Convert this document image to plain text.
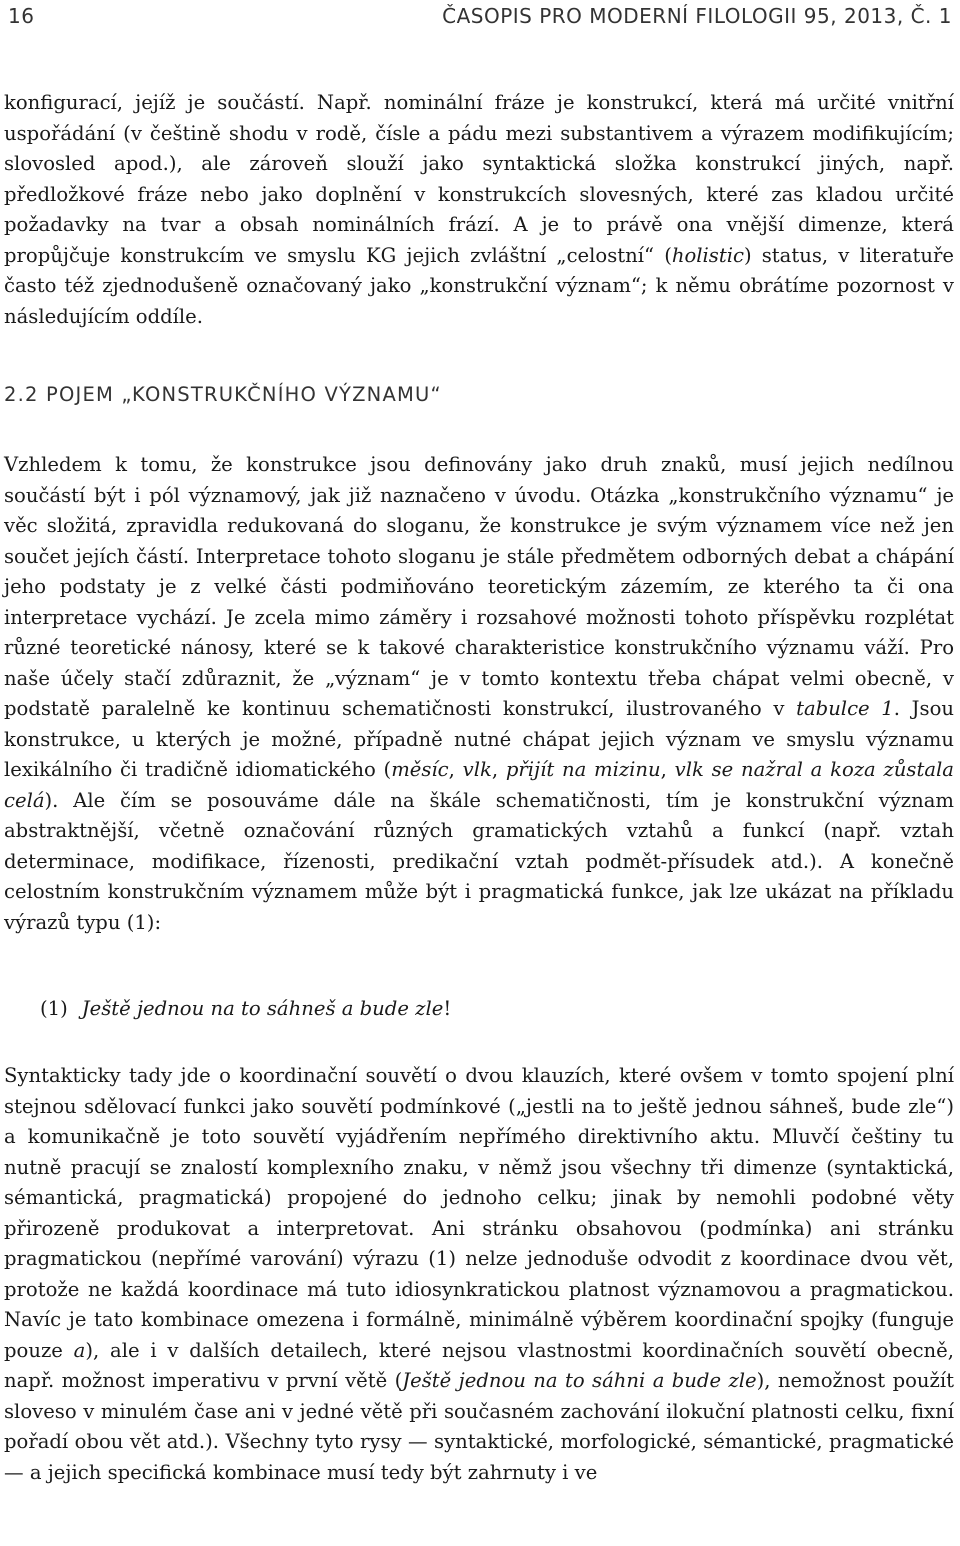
16	ČASOPIS PRO MODERNÍ FILOLOGII 95, 2013, Č. 1

konfigurací, jejíž je součástí. Např. nominální fráze je konstrukcí, která má určité vnitřní uspořádání (v češtině shodu v rodě, čísle a pádu mezi substantivem a výrazem modifikujícím; slovosled apod.), ale zároveň slouží jako syntaktická složka konstrukcí jiných, např. předložkové fráze nebo jako doplnění v konstrukcích slovesných, které zas kladou určité požadavky na tvar a obsah nominálních frází. A je to právě ona vnější dimenze, která propůjčuje konstrukcím ve smyslu KG jejich zvláštní „celostní“ (holistic) status, v literatuře často též zjednodušeně označovaný jako „konstrukční význam“; k němu obrátíme pozornost v následujícím oddíle.

2.2 POJEM „KONSTRUKČNÍHO VÝZNAMU“

Vzhledem k tomu, že konstrukce jsou definovány jako druh znaků, musí jejich nedílnou součástí být i pól významový, jak již naznačeno v úvodu. Otázka „konstrukčního významu“ je věc složitá, zpravidla redukovaná do sloganu, že konstrukce je svým významem více než jen součet jejích částí. Interpretace tohoto sloganu je stále předmětem odborných debat a chápání jeho podstaty je z velké části podmiňováno teoretickým zázemím, ze kterého ta či ona interpretace vychází. Je zcela mimo záměry i rozsahové možnosti tohoto příspěvku rozplétat různé teoretické nánosy, které se k takové charakteristice konstrukčního významu váží. Pro naše účely stačí zdůraznit, že „význam“ je v tomto kontextu třeba chápat velmi obecně, v podstatě paralelně ke kontinuu schematičnosti konstrukcí, ilustrovaného v tabulce 1. Jsou konstrukce, u kterých je možné, případně nutné chápat jejich význam ve smyslu významu lexikálního či tradičně idiomatického (měsíc, vlk, přijít na mizinu, vlk se nažral a koza zůstala celá). Ale čím se posouváme dále na škále schematičnosti, tím je konstrukční význam abstraktnější, včetně označování různých gramatických vztahů a funkcí (např. vztah determinace, modifikace, řízenosti, predikační vztah podmět-přísudek atd.). A konečně celostním konstrukčním významem může být i pragmatická funkce, jak lze ukázat na příkladu výrazů typu (1):

(1) Ještě jednou na to sáhneš a bude zle!

Syntakticky tady jde o koordinační souvětí o dvou klauzích, které ovšem v tomto spojení plní stejnou sdělovací funkci jako souvětí podmínkové („jestli na to ještě jednou sáhneš, bude zle“) a komunikačně je toto souvětí vyjádřením nepřímého direktivního aktu. Mluvčí češtiny tu nutně pracují se znalostí komplexního znaku, v němž jsou všechny tři dimenze (syntaktická, sémantická, pragmatická) propojené do jednoho celku; jinak by nemohli podobné věty přirozeně produkovat a interpretovat. Ani stránku obsahovou (podmínka) ani stránku pragmatickou (nepřímé varování) výrazu (1) nelze jednoduše odvodit z koordinace dvou vět, protože ne každá koordinace má tuto idiosynkratickou platnost významovou a pragmatickou. Navíc je tato kombinace omezena i formálně, minimálně výběrem koordinační spojky (funguje pouze a), ale i v dalších detailech, které nejsou vlastnostmi koordinačních souvětí obecně, např. možnost imperativu v první větě (Ještě jednou na to sáhni a bude zle), nemožnost použít sloveso v minulém čase ani v jedné větě při současném zachování ilokuční platnosti celku, fixní pořadí obou vět atd.). Všechny tyto rysy — syntaktické, morfologické, sémantické, pragmatické — a jejich specifická kombinace musí tedy být zahrnuty i ve
